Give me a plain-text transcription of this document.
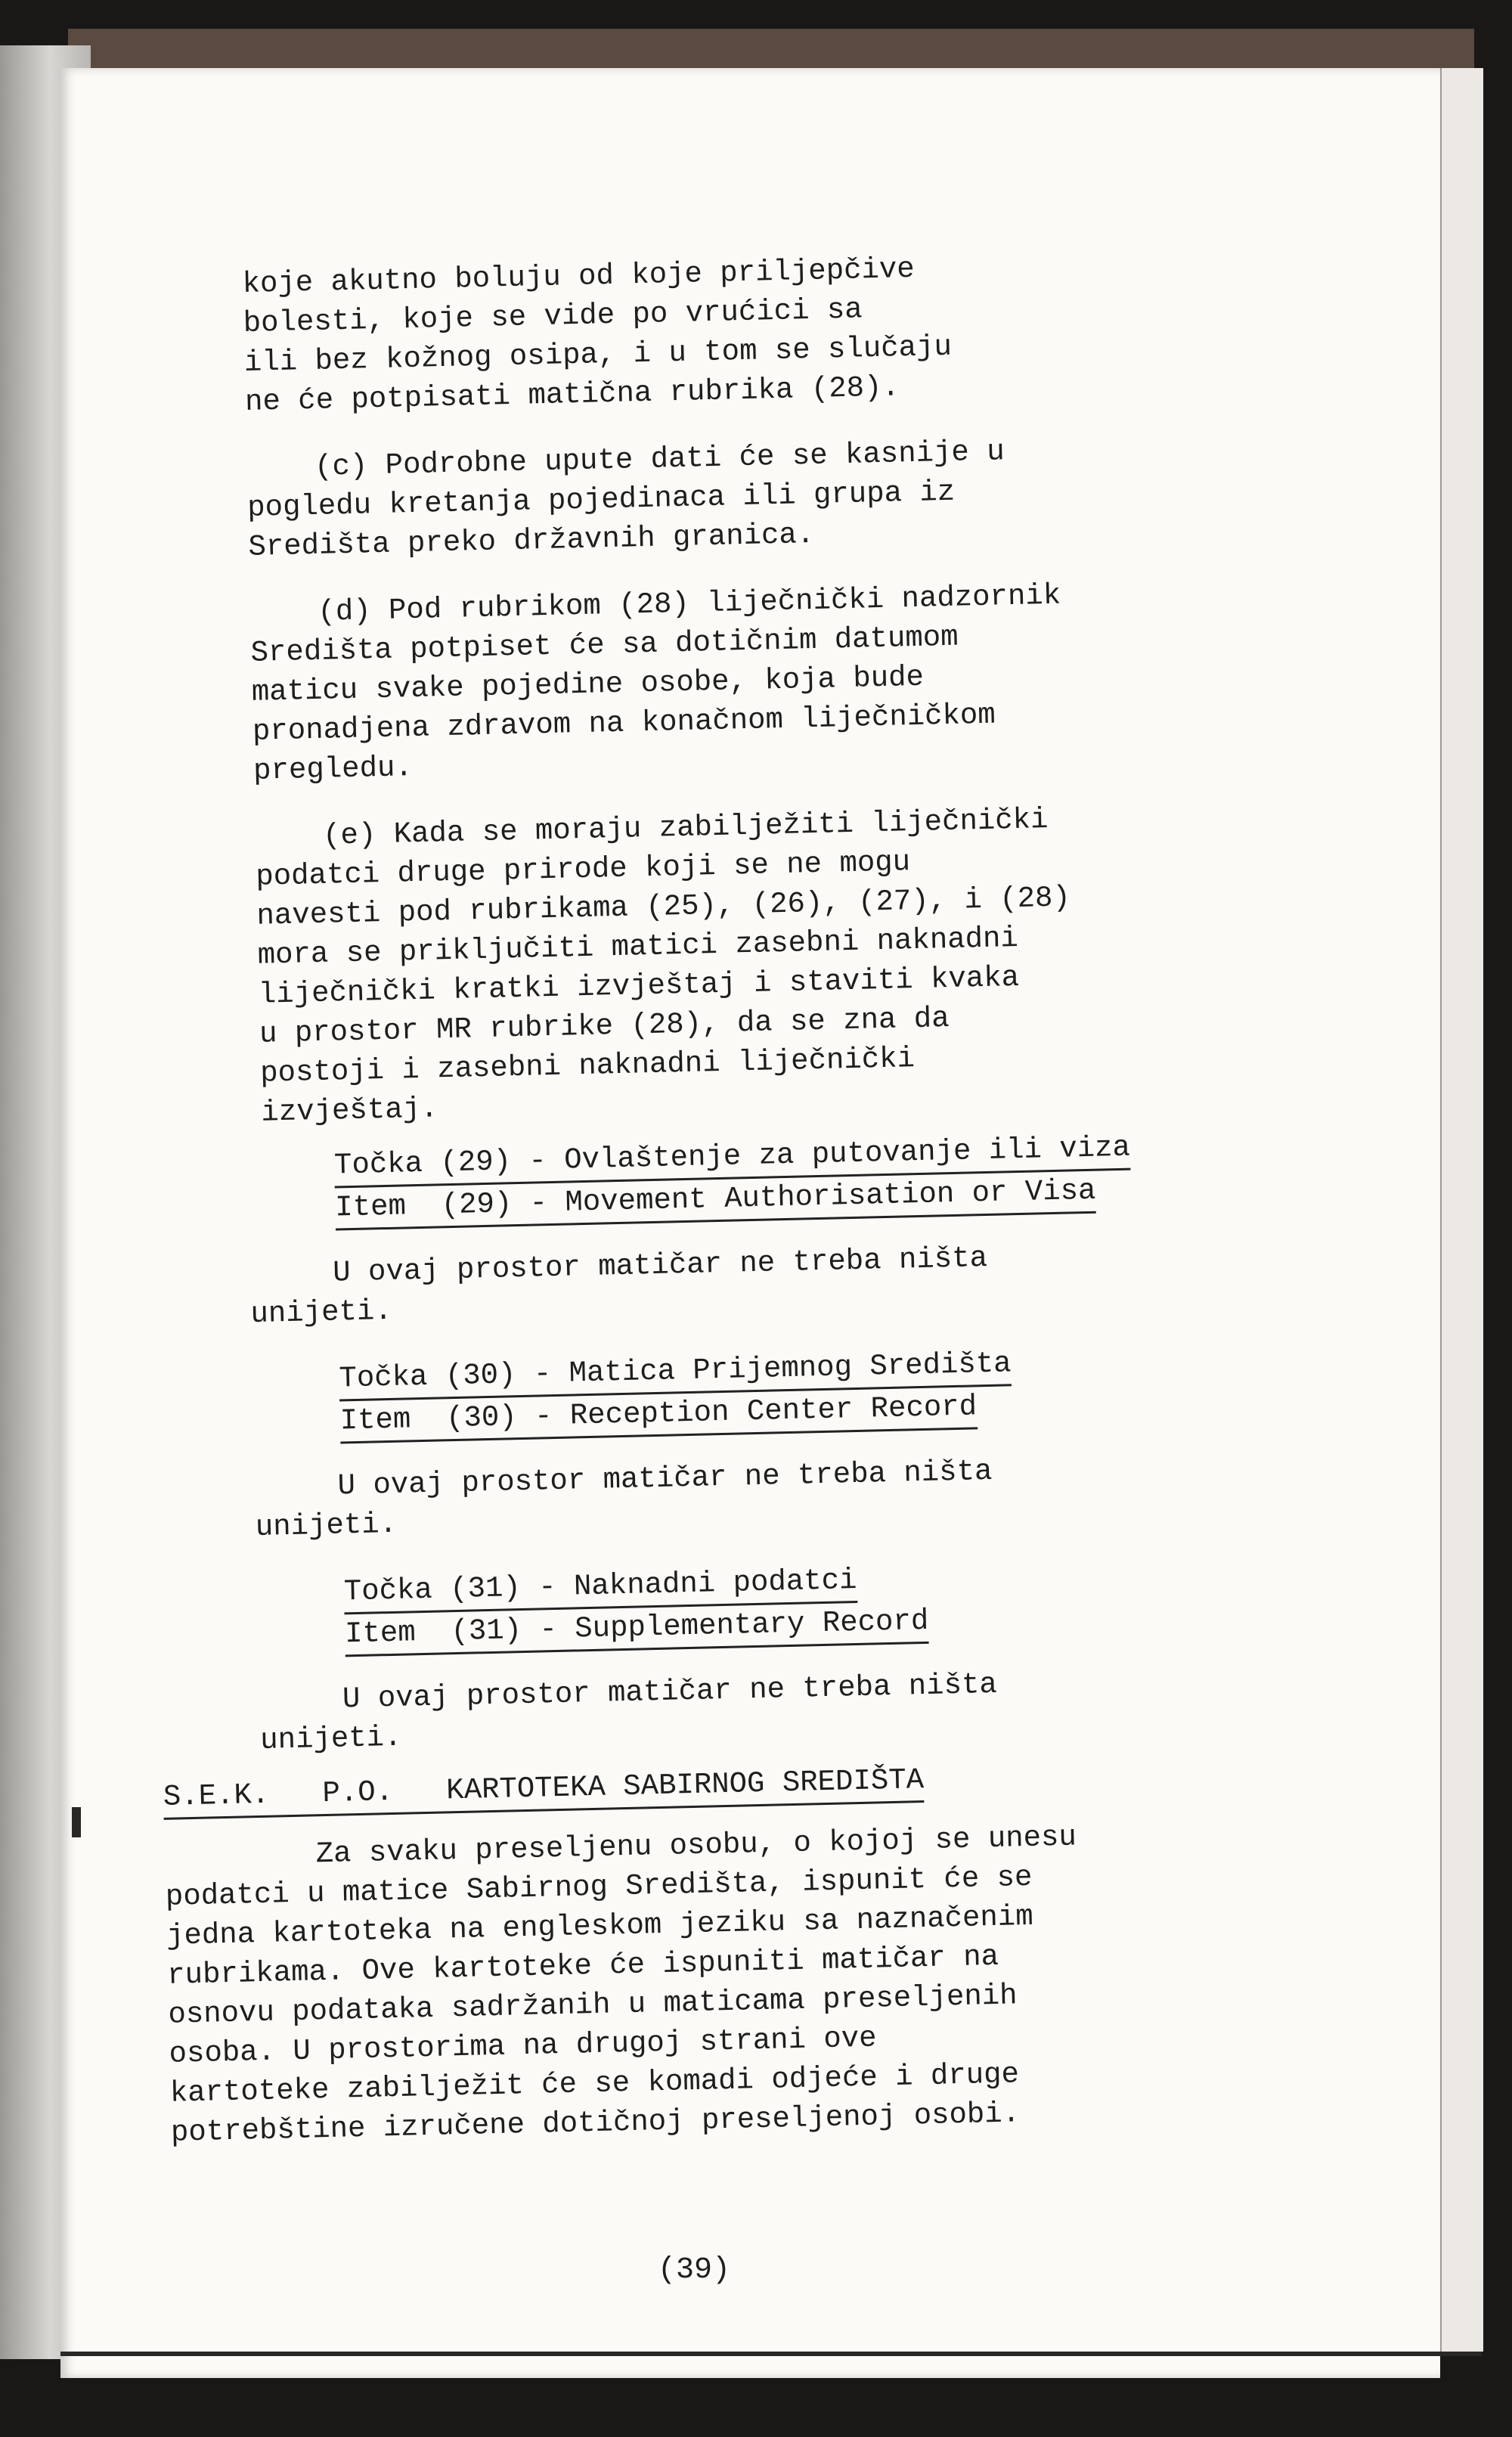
koje akutno boluju od koje priljepčive

bolesti, koje se vide po vrućici sa

ili bez kožnog osipa, i u tom se slučaju

ne će potpisati matična rubrika (28).

(c) Podrobne upute dati će se kasnije u

pogledu kretanja pojedinaca ili grupa iz

Središta preko državnih granica.

(d) Pod rubrikom (28) liječnički nadzornik

Središta potpiset će sa dotičnim datumom

maticu svake pojedine osobe, koja bude

pronadjena zdravom na konačnom liječničkom

pregledu.

(e) Kada se moraju zabilježiti liječnički

podatci druge prirode koji se ne mogu

navesti pod rubrikama (25), (26), (27), i (28)

mora se priključiti matici zasebni naknadni

liječnički kratki izvještaj i staviti kvaka

u prostor MR rubrike (28), da se zna da

postoji i zasebni naknadni liječnički

izvještaj.

Točka (29) - Ovlaštenje za putovanje ili viza

Item  (29) - Movement Authorisation or Visa

U ovaj prostor matičar ne treba ništa

unijeti.

Točka (30) - Matica Prijemnog Središta

Item  (30) - Reception Center Record

U ovaj prostor matičar ne treba ništa

unijeti.

Točka (31) - Naknadni podatci

Item  (31) - Supplementary Record

U ovaj prostor matičar ne treba ništa

unijeti.

S.E.K.   P.O.   KARTOTEKA SABIRNOG SREDIŠTA

Za svaku preseljenu osobu, o kojoj se unesu

podatci u matice Sabirnog Središta, ispunit će se

jedna kartoteka na engleskom jeziku sa naznačenim

rubrikama. Ove kartoteke će ispuniti matičar na

osnovu podataka sadržanih u maticama preseljenih

osoba. U prostorima na drugoj strani ove

kartoteke zabilježit će se komadi odjeće i druge

potrebštine izručene dotičnoj preseljenoj osobi.

(39)
